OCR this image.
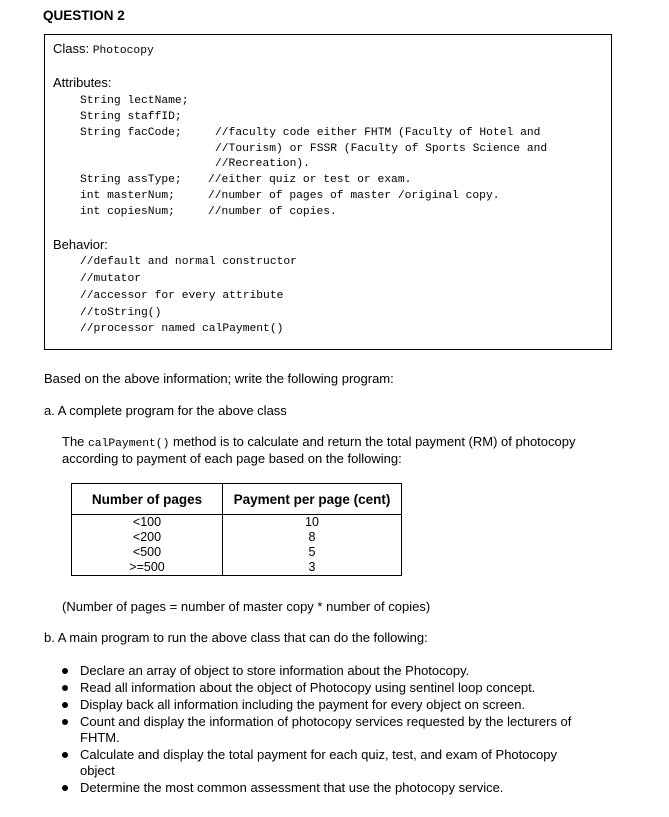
QUESTION 2
Class: Photocopy
Attributes:
String lectName;
String staffID;
String facCode;	//faculty code either FHTM (Faculty of Hotel and
//Tourism) or FSSR (Faculty of Sports Science and
//Recreation).
String assType; //either quiz or test or exam.
int masterNum;	//number of pages of master /original copy.
int copiesNum;	//number of copies.
Behavior:
//default and normal constructor
//mutator
//accessor for every attribute
//toString()
//processor named calPayment()
Based on the above information; write the following program:
a. A complete program for the above class
The calPayment() method is to calculate and return the total payment (RM) of photocopy
according to payment of each page based on the following:
Number of pages	Payment per page (cent)
<100	10
<200	8
<500	5
>=500	3
(Number of pages = number of master copy * number of copies)
b. A main program to run the above class that can do the following:
Declare an array of object to store information about the Photocopy.
Read all information about the object of Photocopy using sentinel loop concept.
Display back all information including the payment for every object on screen.
Count and display the information of photocopy services requested by the lecturers of
FHTM.
Calculate and display the total payment for each quiz, test, and exam of Photocopy
object
Determine the most common assessment that use the photocopy service.
